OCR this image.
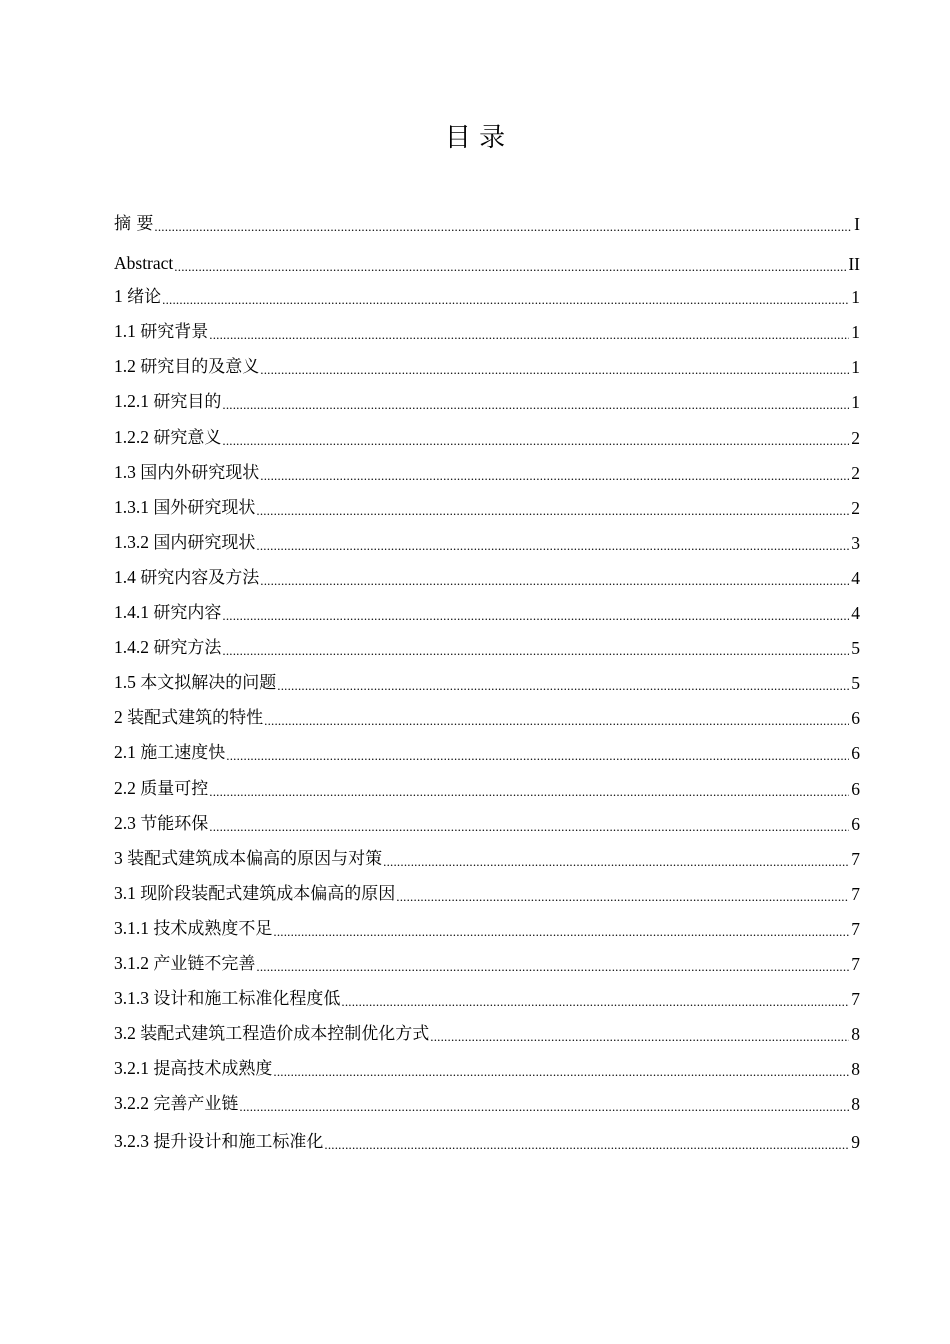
目 录
摘 要 .....	I
Abstract .....	II
1 绪论 .....	1
1.1 研究背景 .....	1
1.2 研究目的及意义 .....	1
1.2.1 研究目的 .....	1
1.2.2 研究意义 .....	2
1.3 国内外研究现状 .....	2
1.3.1 国外研究现状 .....	2
1.3.2 国内研究现状 .....	3
1.4 研究内容及方法 .....	4
1.4.1 研究内容 .....	4
1.4.2 研究方法 .....	5
1.5 本文拟解决的问题 .....	5
2 装配式建筑的特性 .....	6
2.1 施工速度快 .....	6
2.2 质量可控 .....	6
2.3 节能环保 .....	6
3 装配式建筑成本偏高的原因与对策 .....	7
3.1 现阶段装配式建筑成本偏高的原因 .....	7
3.1.1 技术成熟度不足 .....	7
3.1.2 产业链不完善 .....	7
3.1.3 设计和施工标准化程度低 .....	7
3.2 装配式建筑工程造价成本控制优化方式 .....	8
3.2.1 提高技术成熟度 .....	8
3.2.2 完善产业链 .....	8
3.2.3 提升设计和施工标准化 .....	9
